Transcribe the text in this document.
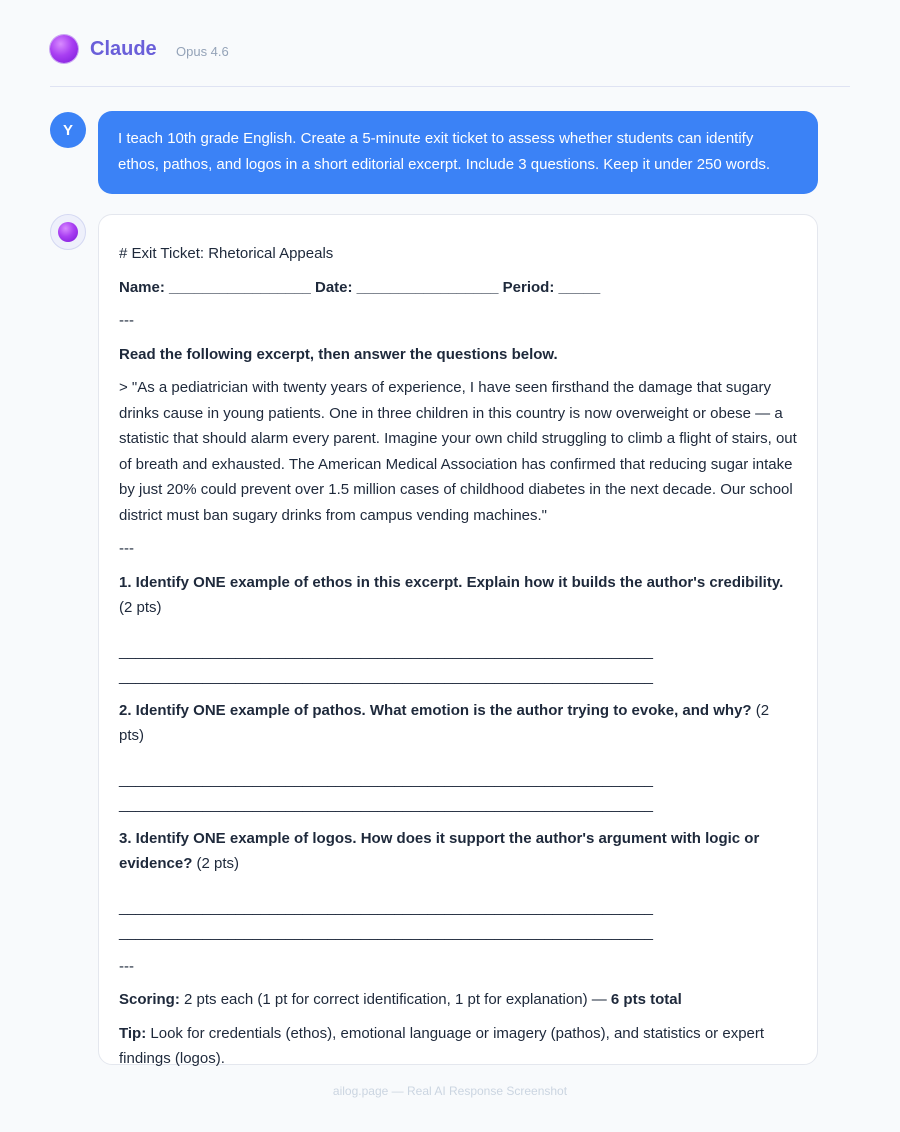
Claude Opus 4.6
Y	I teach 10th grade English. Create a 5-minute exit ticket to assess whether students can identify ethos, pathos, and logos in a short editorial excerpt. Include 3 questions. Keep it under 250 words.

# Exit Ticket: Rhetorical Appeals

Name: _________________ Date: _________________ Period: _____

---

Read the following excerpt, then answer the questions below.

> "As a pediatrician with twenty years of experience, I have seen firsthand the damage that sugary drinks cause in young patients. One in three children in this country is now overweight or obese — a statistic that should alarm every parent. Imagine your own child struggling to climb a flight of stairs, out of breath and exhausted. The American Medical Association has confirmed that reducing sugar intake by just 20% could prevent over 1.5 million cases of childhood diabetes in the next decade. Our school district must ban sugary drinks from campus vending machines."

---

1. Identify ONE example of ethos in this excerpt. Explain how it builds the author's credibility. (2 pts)

________________________________________________________________

________________________________________________________________

2. Identify ONE example of pathos. What emotion is the author trying to evoke, and why? (2 pts)

________________________________________________________________

________________________________________________________________

3. Identify ONE example of logos. How does it support the author's argument with logic or evidence? (2 pts)

________________________________________________________________

________________________________________________________________

---

Scoring: 2 pts each (1 pt for correct identification, 1 pt for explanation) — 6 pts total

Tip: Look for credentials (ethos), emotional language or imagery (pathos), and statistics or expert findings (logos).

ailog.page — Real AI Response Screenshot
